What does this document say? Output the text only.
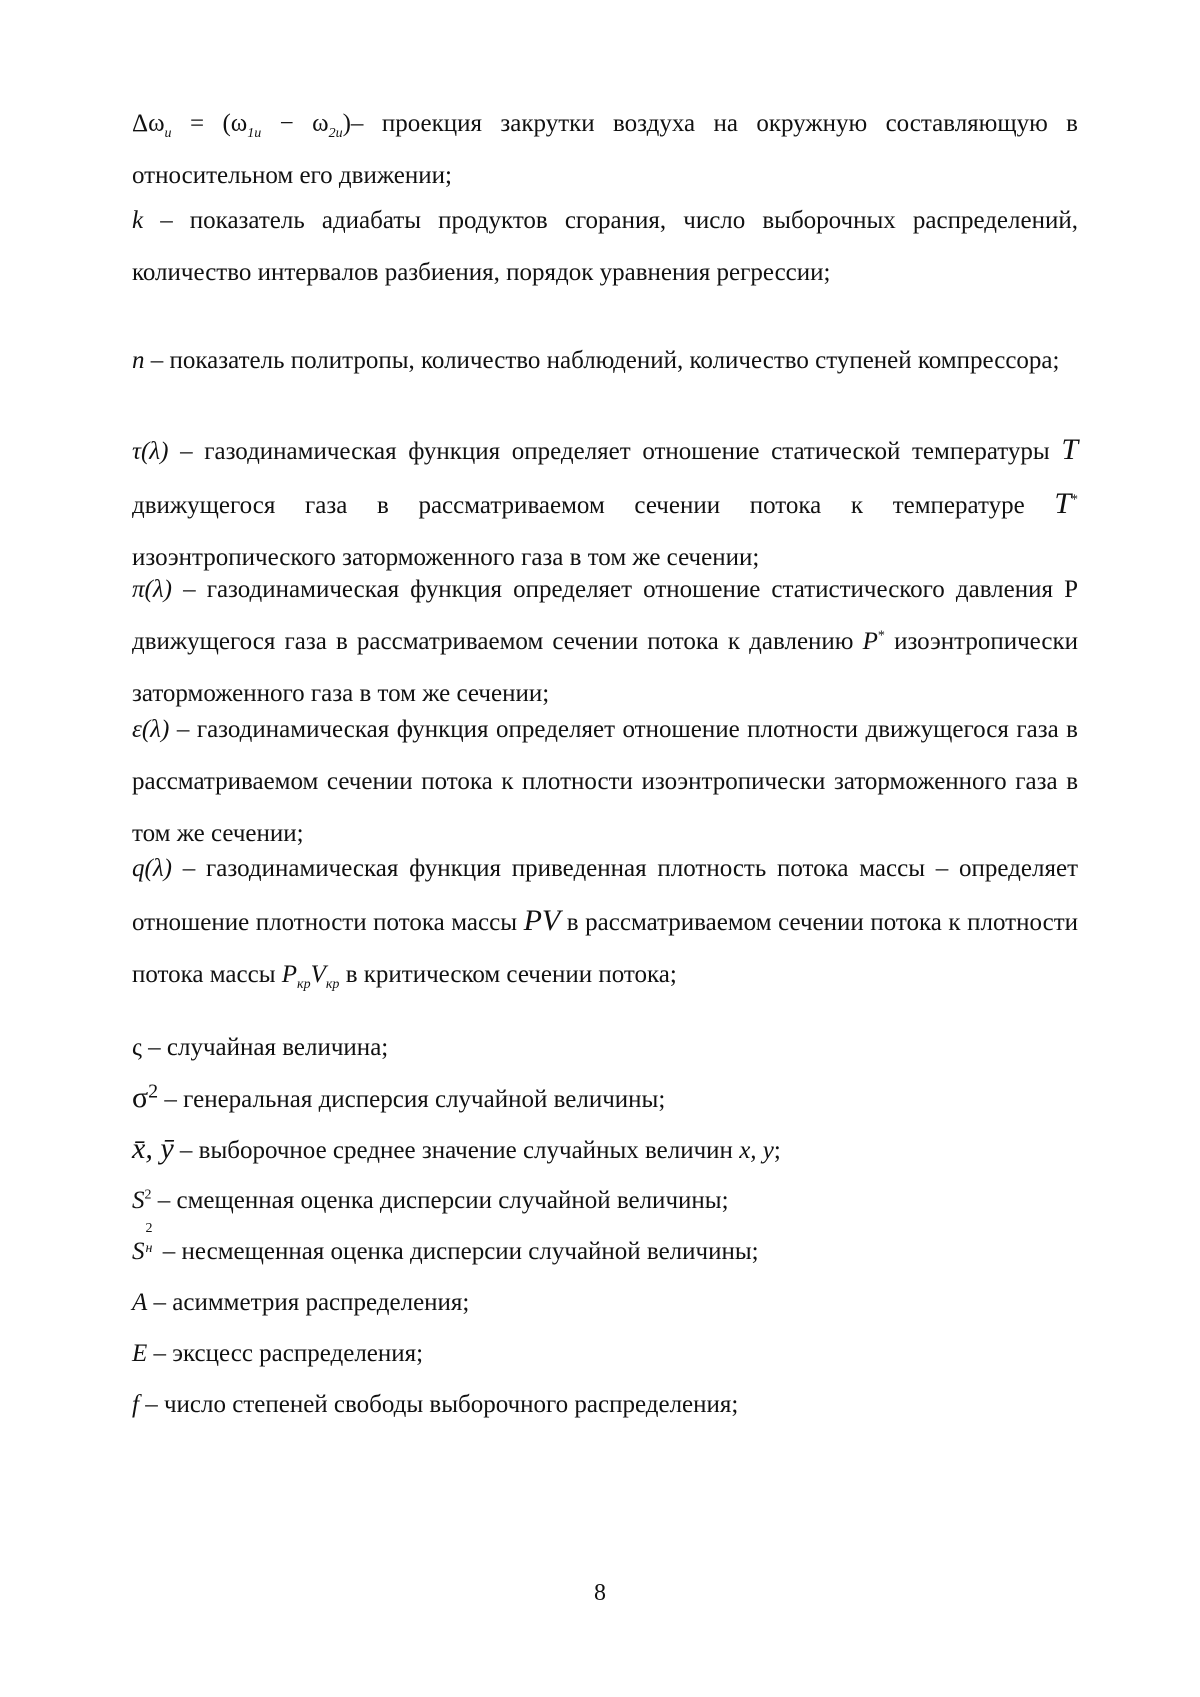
$\Delta\omega_u = (\omega_{1u} - \omega_{2u})-$ проекция закрутки воздуха на окружную составляющую в относительном его движении;
k – показатель адиабаты продуктов сгорания, число выборочных распределений, количество интервалов разбиения, порядок уравнения регрессии;
n – показатель политропы, количество наблюдений, количество ступеней компрессора;
τ(λ) – газодинамическая функция определяет отношение статической температуры T движущегося газа в рассматриваемом сечении потока к температуре T* изоэнтропического заторможенного газа в том же сечении;
π(λ) – газодинамическая функция определяет отношение статистического давления Р движущегося газа в рассматриваемом сечении потока к давлению P* изоэнтропически заторможенного газа в том же сечении;
ε(λ) – газодинамическая функция определяет отношение плотности движущегося газа в рассматриваемом сечении потока к плотности изоэнтропически заторможенного газа в том же сечении;
q(λ) – газодинамическая функция приведенная плотность потока массы – определяет отношение плотности потока массы PV в рассматриваемом сечении потока к плотности потока массы $P_{кр}V_{кр}$ в критическом сечении потока;
ς – случайная величина;
$\sigma^2$ – генеральная дисперсия случайной величины;
x̄, ȳ – выборочное среднее значение случайных величин x, y;
$S^2$ – смещенная оценка дисперсии случайной величины;
S
2
н – несмещенная оценка дисперсии случайной величины;
A – асимметрия распределения;
E – эксцесс распределения;
f – число степеней свободы выборочного распределения;
8
